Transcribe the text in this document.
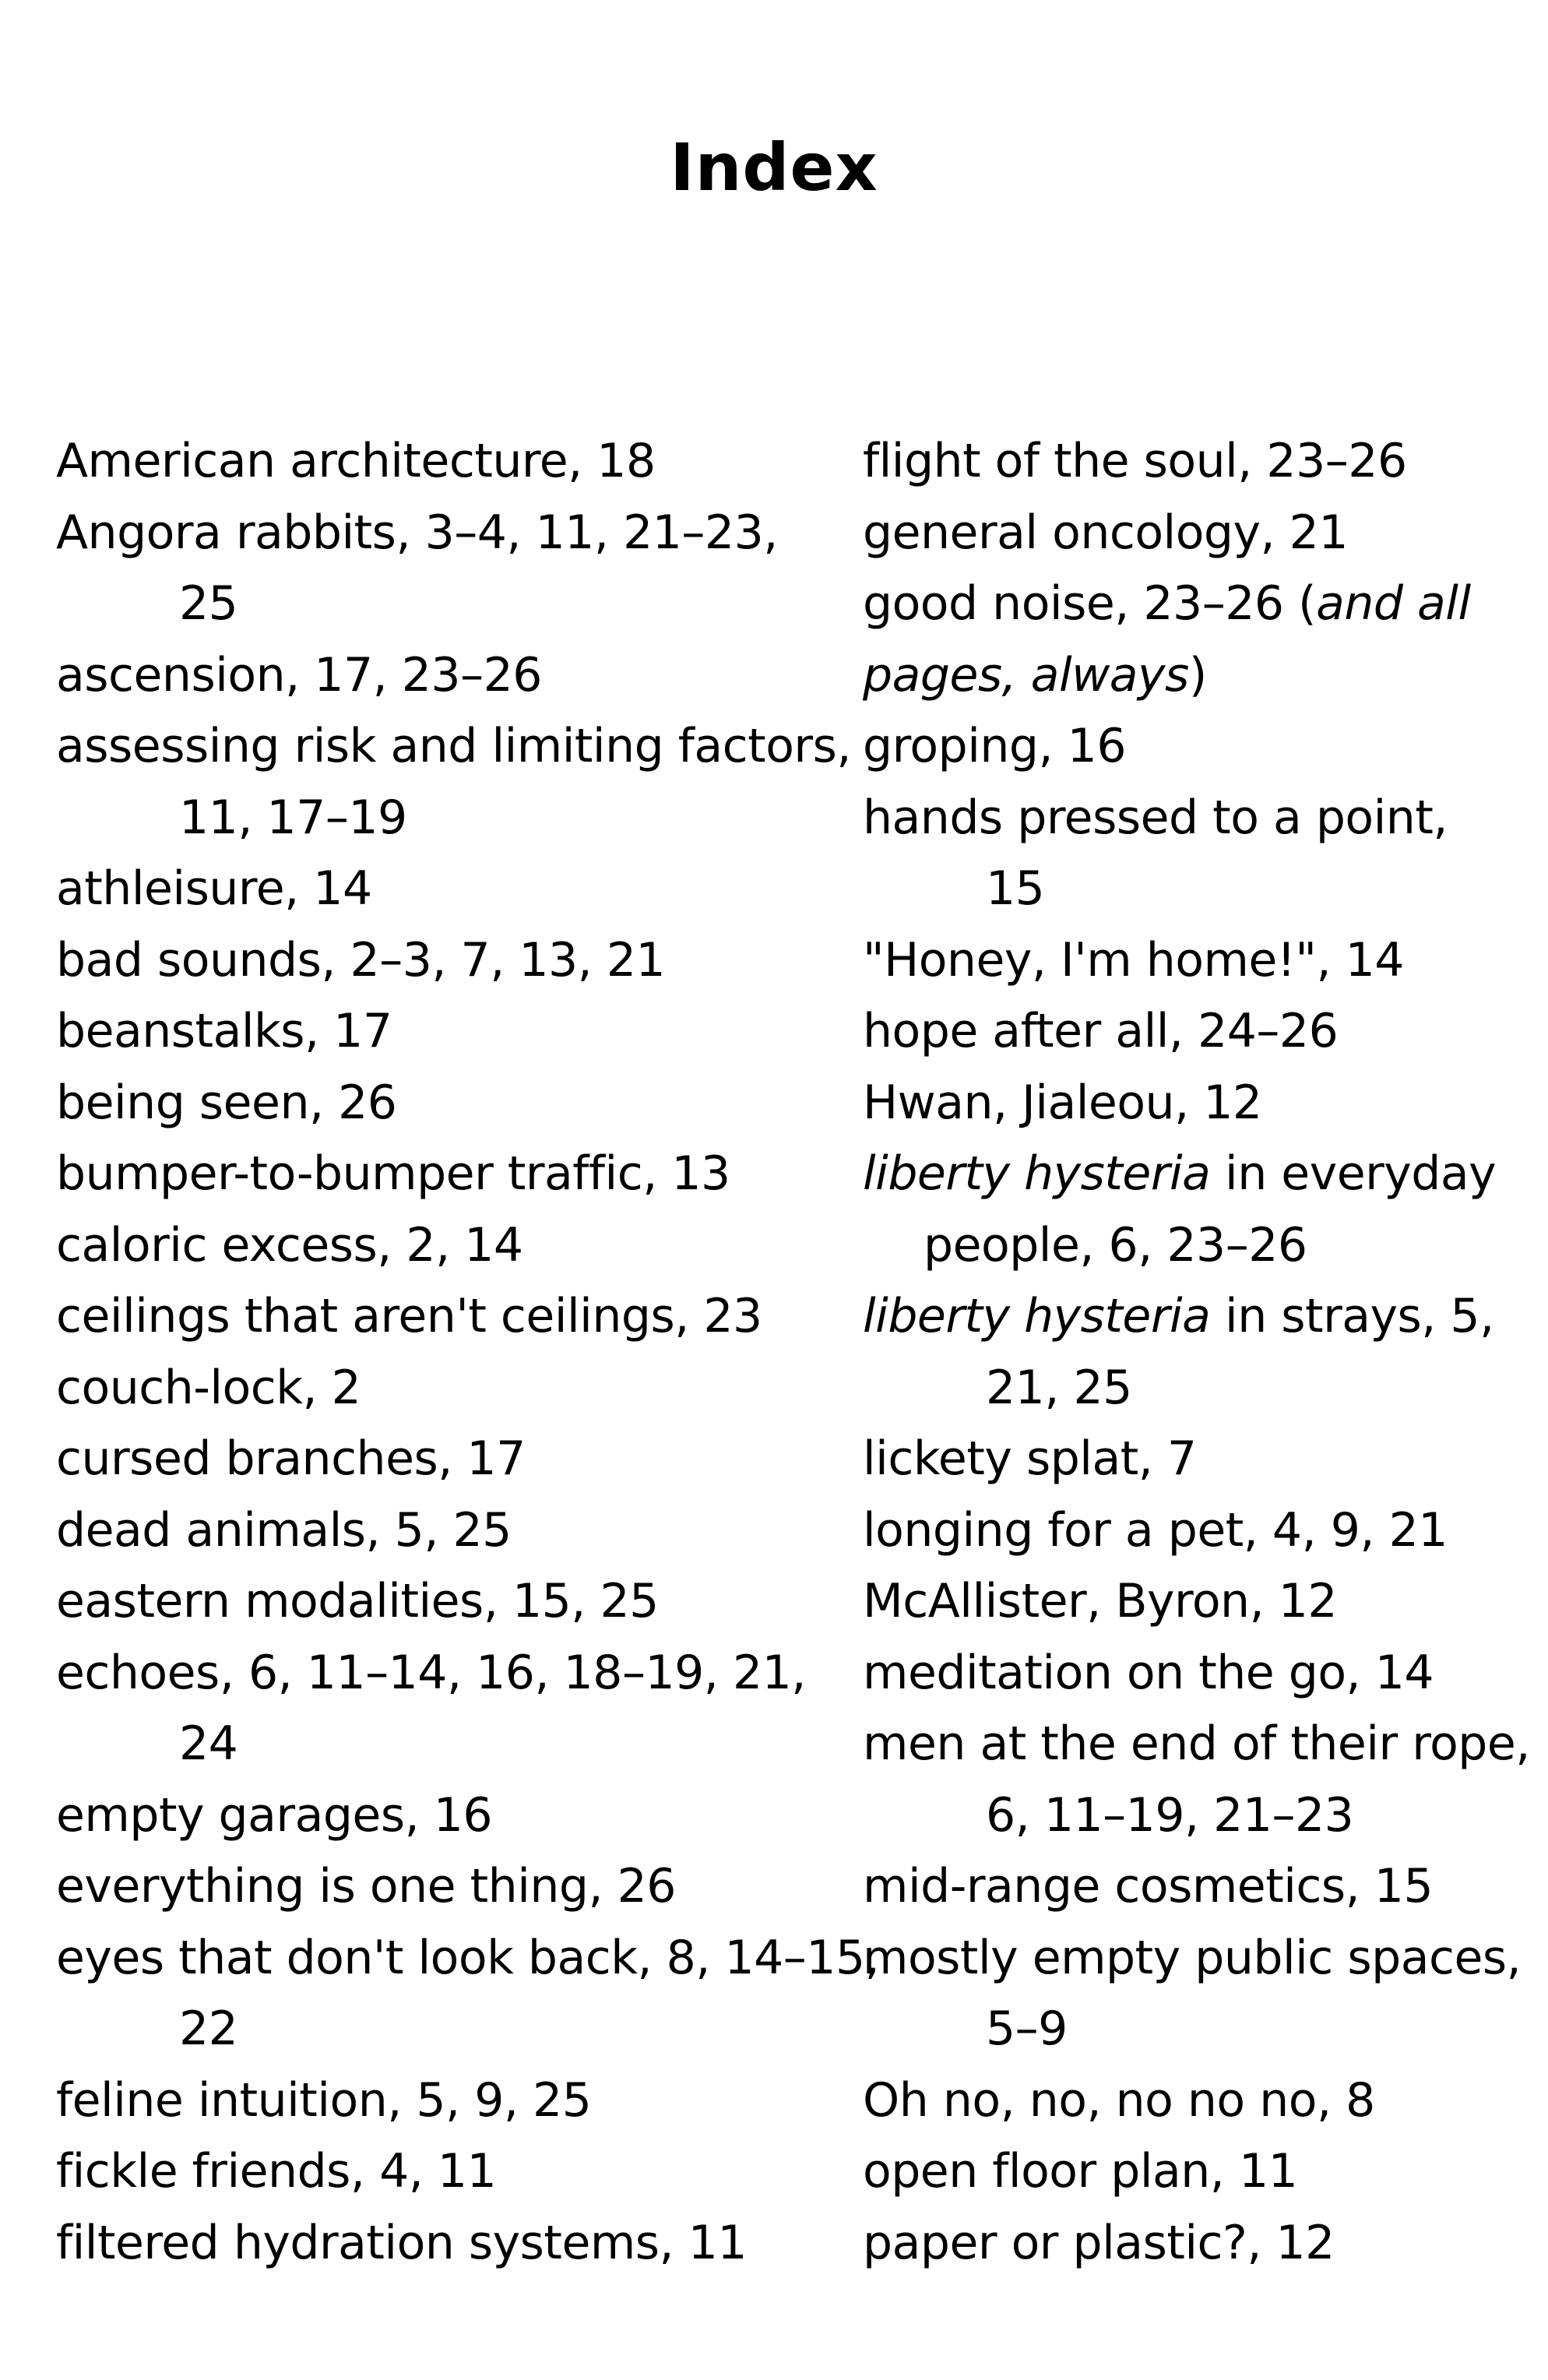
Index
American architecture, 18
Angora rabbits, 3–4, 11, 21–23,
25
ascension, 17, 23–26
assessing risk and limiting factors,
11, 17–19
athleisure, 14
bad sounds, 2–3, 7, 13, 21
beanstalks, 17
being seen, 26
bumper-to-bumper traffic, 13
caloric excess, 2, 14
ceilings that aren't ceilings, 23
couch-lock, 2
cursed branches, 17
dead animals, 5, 25
eastern modalities, 15, 25
echoes, 6, 11–14, 16, 18–19, 21,
24
empty garages, 16
everything is one thing, 26
eyes that don't look back, 8, 14–15,
22
feline intuition, 5, 9, 25
fickle friends, 4, 11
filtered hydration systems, 11
flight of the soul, 23–26
general oncology, 21
good noise, 23–26 (and all
pages, always)
groping, 16
hands pressed to a point,
15
"Honey, I'm home!", 14
hope after all, 24–26
Hwan, Jialeou, 12
liberty hysteria in everyday
people, 6, 23–26
liberty hysteria in strays, 5,
21, 25
lickety splat, 7
longing for a pet, 4, 9, 21
McAllister, Byron, 12
meditation on the go, 14
men at the end of their rope,
6, 11–19, 21–23
mid-range cosmetics, 15
mostly empty public spaces,
5–9
Oh no, no, no no no, 8
open floor plan, 11
paper or plastic?, 12
